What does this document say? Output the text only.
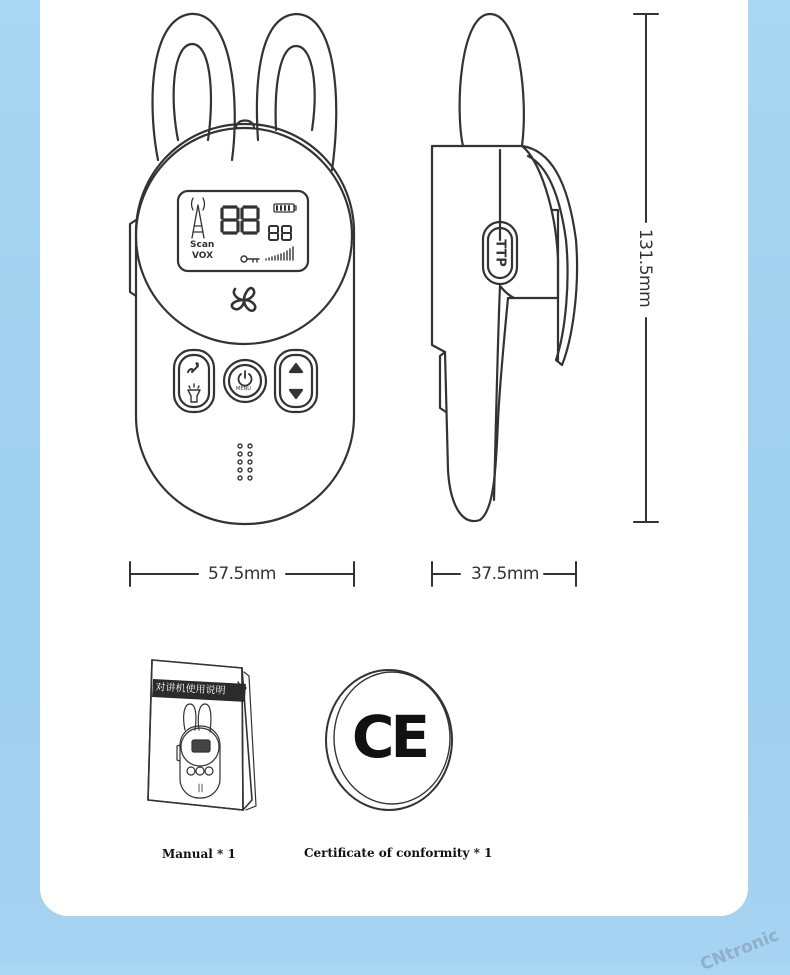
TTP
对讲机使用说明
CE
57.5mm	37.5mm
131.5mm
Scan
VOX
MENU
Manual * 1	Certificate of conformity * 1
CNtronic
